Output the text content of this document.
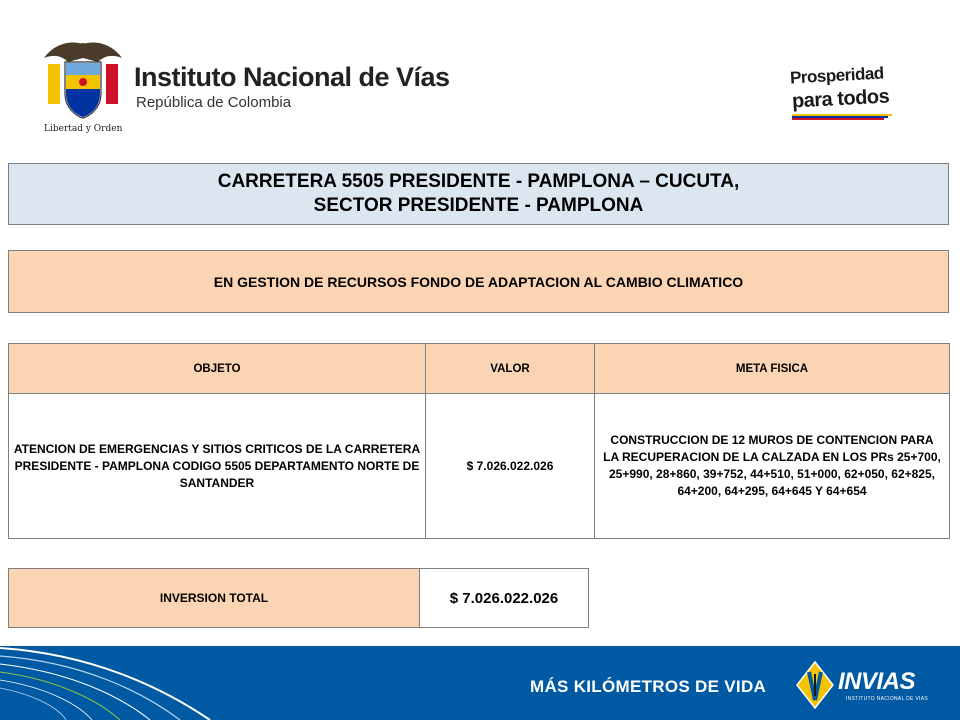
Libertad y Orden
Instituto Nacional de Vías
República de Colombia
Prosperidad
para todos
CARRETERA 5505 PRESIDENTE - PAMPLONA – CUCUTA,
SECTOR PRESIDENTE - PAMPLONA
EN GESTION DE RECURSOS FONDO DE ADAPTACION AL CAMBIO CLIMATICO
OBJETO	VALOR	META FISICA
ATENCION DE EMERGENCIAS Y SITIOS CRITICOS DE LA CARRETERA PRESIDENTE - PAMPLONA CODIGO 5505 DEPARTAMENTO NORTE DE SANTANDER	$ 7.026.022.026	CONSTRUCCION DE 12 MUROS DE CONTENCION PARA LA RECUPERACION DE LA CALZADA EN LOS PRs 25+700, 25+990, 28+860, 39+752, 44+510, 51+000, 62+050, 62+825, 64+200, 64+295, 64+645 Y 64+654
INVERSION TOTAL	$ 7.026.022.026
MÁS KILÓMETROS DE VIDA	INVIAS
INSTITUTO NACIONAL DE VIAS
